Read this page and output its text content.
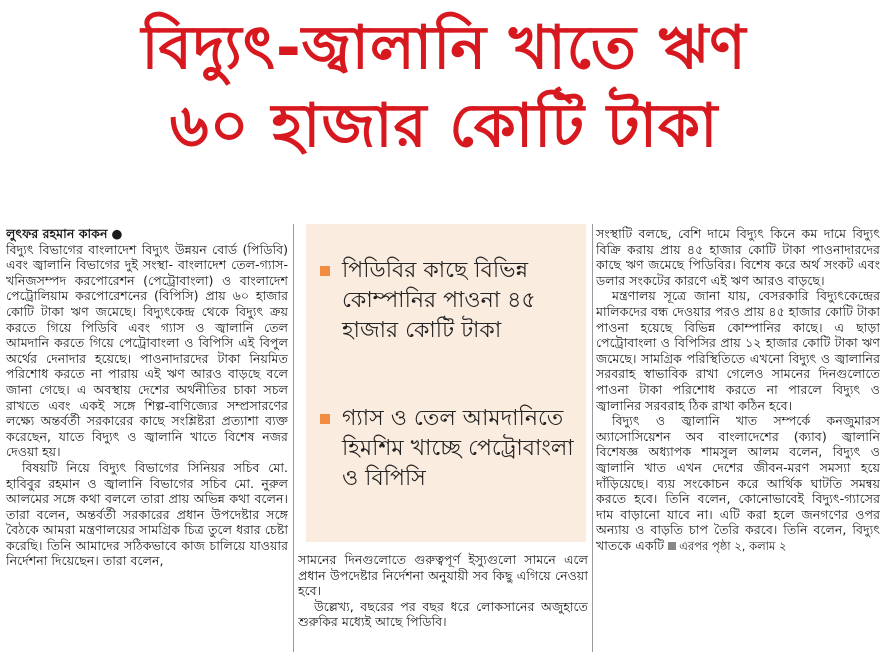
বিদ্যুৎ-জ্বালানি খাতে ঋণ
৬০ হাজার কোটি টাকা

লুৎফর রহমান কাকন ●

বিদ্যুৎ বিভাগের বাংলাদেশ বিদ্যুৎ উন্নয়ন বোর্ড (পিডিবি) এবং জ্বালানি বিভাগের দুই সংস্থা- বাংলাদেশ তেল-গ্যাস-খনিজসম্পদ করপোরেশন (পেট্রোবাংলা) ও বাংলাদেশ পেট্রোলিয়াম করপোরেশনের (বিপিসি) প্রায় ৬০ হাজার কোটি টাকা ঋণ জমেছে। বিদ্যুৎকেন্দ্র থেকে বিদ্যুৎ ক্রয় করতে গিয়ে পিডিবি এবং গ্যাস ও জ্বালানি তেল আমদানি করতে গিয়ে পেট্রোবাংলা ও বিপিসি এই বিপুল অর্থের দেনাদার হয়েছে। পাওনাদারদের টাকা নিয়মিত পরিশোধ করতে না পারায় এই ঋণ আরও বাড়ছে বলে জানা গেছে। এ অবস্থায় দেশের অর্থনীতির চাকা সচল রাখতে এবং একই সঙ্গে শিল্প-বাণিজ্যের সম্প্রসারণের লক্ষ্যে অন্তর্বর্তী সরকারের কাছে সংশ্লিষ্টরা প্রত্যাশা ব্যক্ত করেছেন, যাতে বিদ্যুৎ ও জ্বালানি খাতে বিশেষ নজর দেওয়া হয়।

বিষয়টি নিয়ে বিদ্যুৎ বিভাগের সিনিয়র সচিব মো. হাবিবুর রহমান ও জ্বালানি বিভাগের সচিব মো. নুরুল আলমের সঙ্গে কথা বললে তারা প্রায় অভিন্ন কথা বলেন। তারা বলেন, অন্তর্বর্তী সরকারের প্রধান উপদেষ্টার সঙ্গে বৈঠকে আমরা মন্ত্রণালয়ের সামগ্রিক চিত্র তুলে ধরার চেষ্টা করেছি। তিনি আমাদের সঠিকভাবে কাজ চালিয়ে যাওয়ার নির্দেশনা দিয়েছেন। তারা বলেন,

পিডিবির কাছে বিভিন্ন কোম্পানির পাওনা ৪৫ হাজার কোটি টাকা
গ্যাস ও তেল আমদানিতে হিমশিম খাচ্ছে পেট্রোবাংলা ও বিপিসি

সামনের দিনগুলোতে গুরুত্বপূর্ণ ইস্যুগুলো সামনে এলে প্রধান উপদেষ্টার নির্দেশনা অনুযায়ী সব কিছু এগিয়ে নেওয়া হবে।

উল্লেখ্য, বছরের পর বছর ধরে লোকসানের অজুহাতে শুরুকির মধ্যেই আছে পিডিবি।

সংস্থাটি বলছে, বেশি দামে বিদ্যুৎ কিনে কম দামে বিদ্যুৎ বিক্রি করায় প্রায় ৪৫ হাজার কোটি টাকা পাওনাদারদের কাছে ঋণ জমেছে পিডিবির। বিশেষ করে অর্থ সংকট এবং ডলার সংকটের কারণে এই ঋণ আরও বাড়ছে।

মন্ত্রণালয় সূত্রে জানা যায়, বেসরকারি বিদ্যুৎকেন্দ্রের মালিকদের বন্ধ দেওয়ার পরও প্রায় ৪৫ হাজার কোটি টাকা পাওনা হয়েছে বিভিন্ন কোম্পানির কাছে। এ ছাড়া পেট্রোবাংলা ও বিপিসির প্রায় ১২ হাজার কোটি টাকা ঋণ জমেছে। সামগ্রিক পরিস্থিতিতে এখনো বিদ্যুৎ ও জ্বালানির সরবরাহ স্বাভাবিক রাখা গেলেও সামনের দিনগুলোতে পাওনা টাকা পরিশোধ করতে না পারলে বিদ্যুৎ ও জ্বালানির সরবরাহ ঠিক রাখা কঠিন হবে।

বিদ্যুৎ ও জ্বালানি খাত সম্পর্কে কনজুমারস অ্যাসোসিয়েশন অব বাংলাদেশের (ক্যাব) জ্বালানি বিশেষজ্ঞ অধ্যাপক শামসুল আলম বলেন, বিদ্যুৎ ও জ্বালানি খাত এখন দেশের জীবন-মরণ সমস্যা হয়ে দাঁড়িয়েছে। ব্যয় সংকোচন করে আর্থিক ঘাটতি সমন্বয় করতে হবে। তিনি বলেন, কোনোভাবেই বিদ্যুৎ-গ্যাসের দাম বাড়ানো যাবে না। এটি করা হলে জনগণের ওপর অন্যায় ও বাড়তি চাপ তৈরি করবে। তিনি বলেন, বিদ্যুৎ খাতকে একটি এরপর পৃষ্ঠা ২, কলাম ২
